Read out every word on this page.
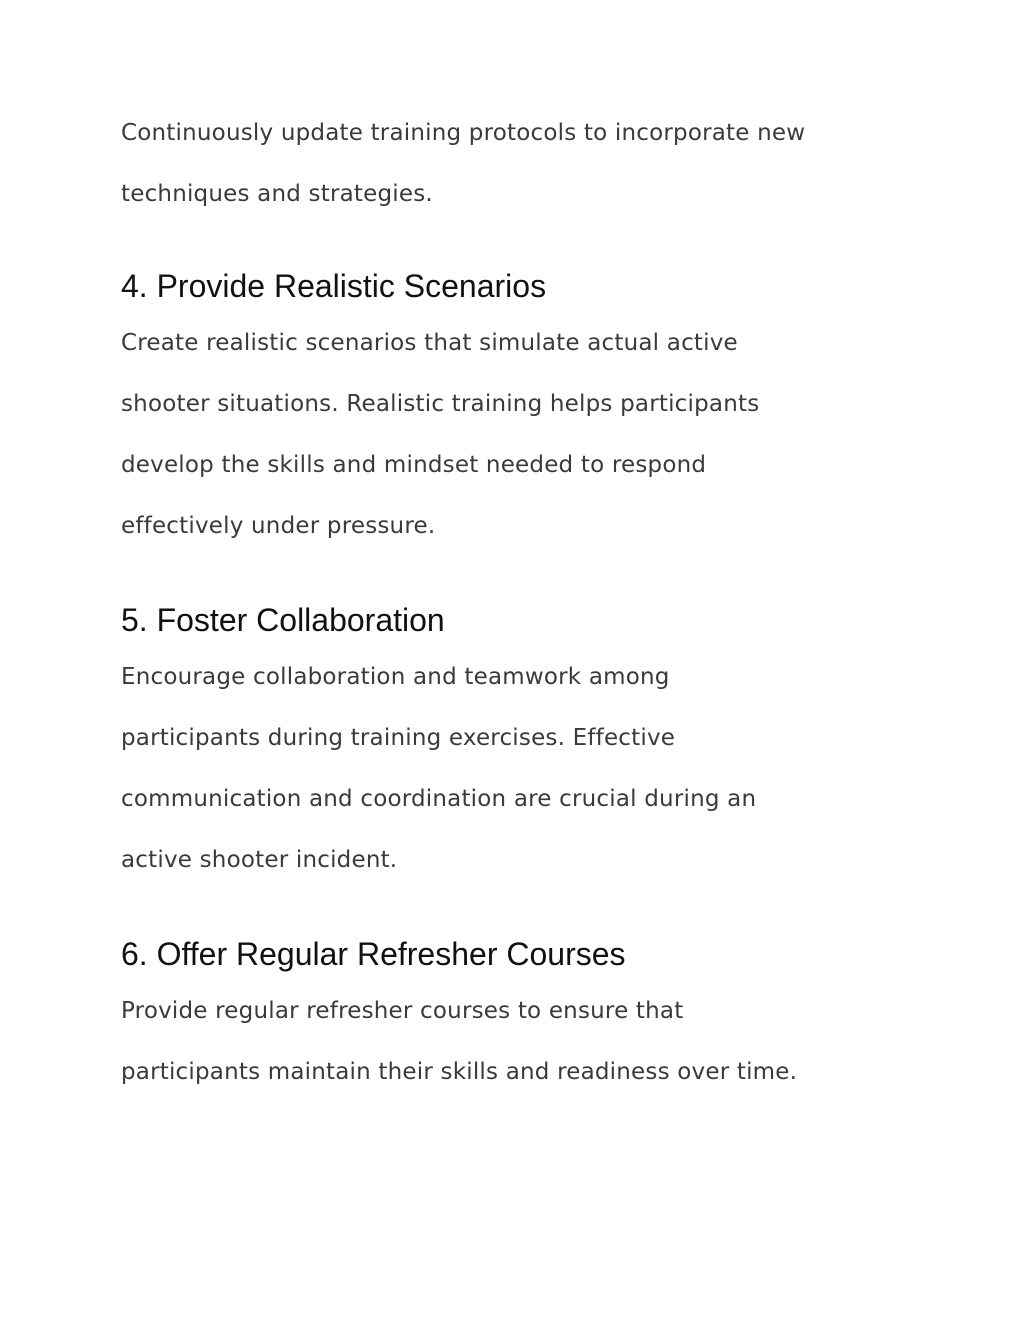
Continuously update training protocols to incorporate new
techniques and strategies.

4. Provide Realistic Scenarios

Create realistic scenarios that simulate actual active
shooter situations. Realistic training helps participants
develop the skills and mindset needed to respond
effectively under pressure.

5. Foster Collaboration

Encourage collaboration and teamwork among
participants during training exercises. Effective
communication and coordination are crucial during an
active shooter incident.

6. Offer Regular Refresher Courses

Provide regular refresher courses to ensure that
participants maintain their skills and readiness over time.
